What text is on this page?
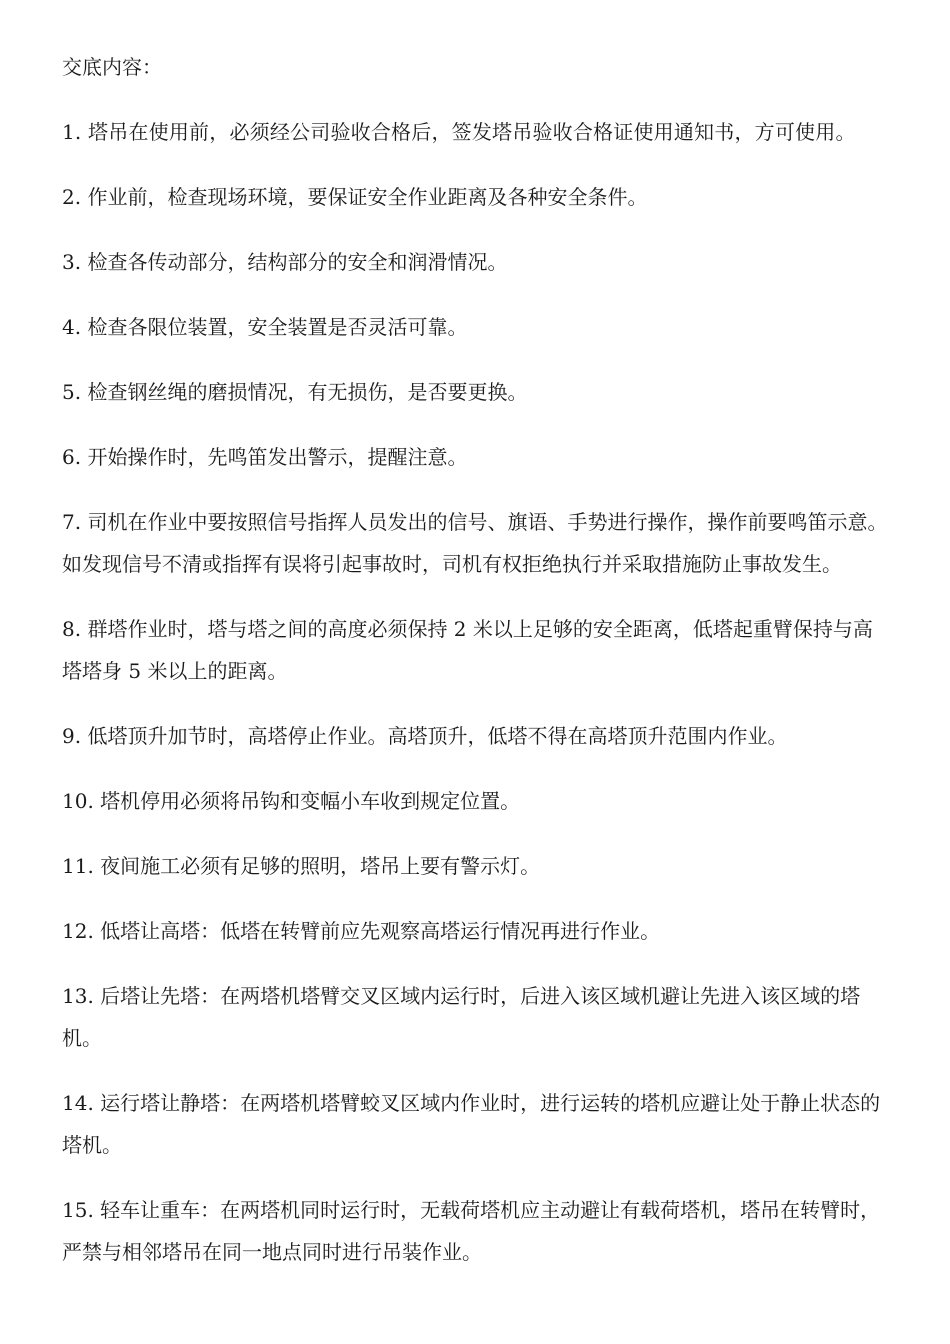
交底内容：
1. 塔吊在使用前，必须经公司验收合格后，签发塔吊验收合格证使用通知书，方可使用。
2. 作业前，检查现场环境，要保证安全作业距离及各种安全条件。
3. 检查各传动部分，结构部分的安全和润滑情况。
4. 检查各限位装置，安全装置是否灵活可靠。
5. 检查钢丝绳的磨损情况，有无损伤，是否要更换。
6. 开始操作时，先鸣笛发出警示，提醒注意。
7. 司机在作业中要按照信号指挥人员发出的信号、旗语、手势进行操作，操作前要鸣笛示意。如发现信号不清或指挥有误将引起事故时，司机有权拒绝执行并采取措施防止事故发生。
8. 群塔作业时，塔与塔之间的高度必须保持 2 米以上足够的安全距离，低塔起重臂保持与高塔塔身 5 米以上的距离。
9. 低塔顶升加节时，高塔停止作业。高塔顶升，低塔不得在高塔顶升范围内作业。
10. 塔机停用必须将吊钩和变幅小车收到规定位置。
11. 夜间施工必须有足够的照明，塔吊上要有警示灯。
12. 低塔让高塔：低塔在转臂前应先观察高塔运行情况再进行作业。
13. 后塔让先塔：在两塔机塔臂交叉区域内运行时，后进入该区域机避让先进入该区域的塔机。
14. 运行塔让静塔：在两塔机塔臂蛟叉区域内作业时，进行运转的塔机应避让处于静止状态的塔机。
15. 轻车让重车：在两塔机同时运行时，无载荷塔机应主动避让有载荷塔机，塔吊在转臂时，严禁与相邻塔吊在同一地点同时进行吊装作业。
